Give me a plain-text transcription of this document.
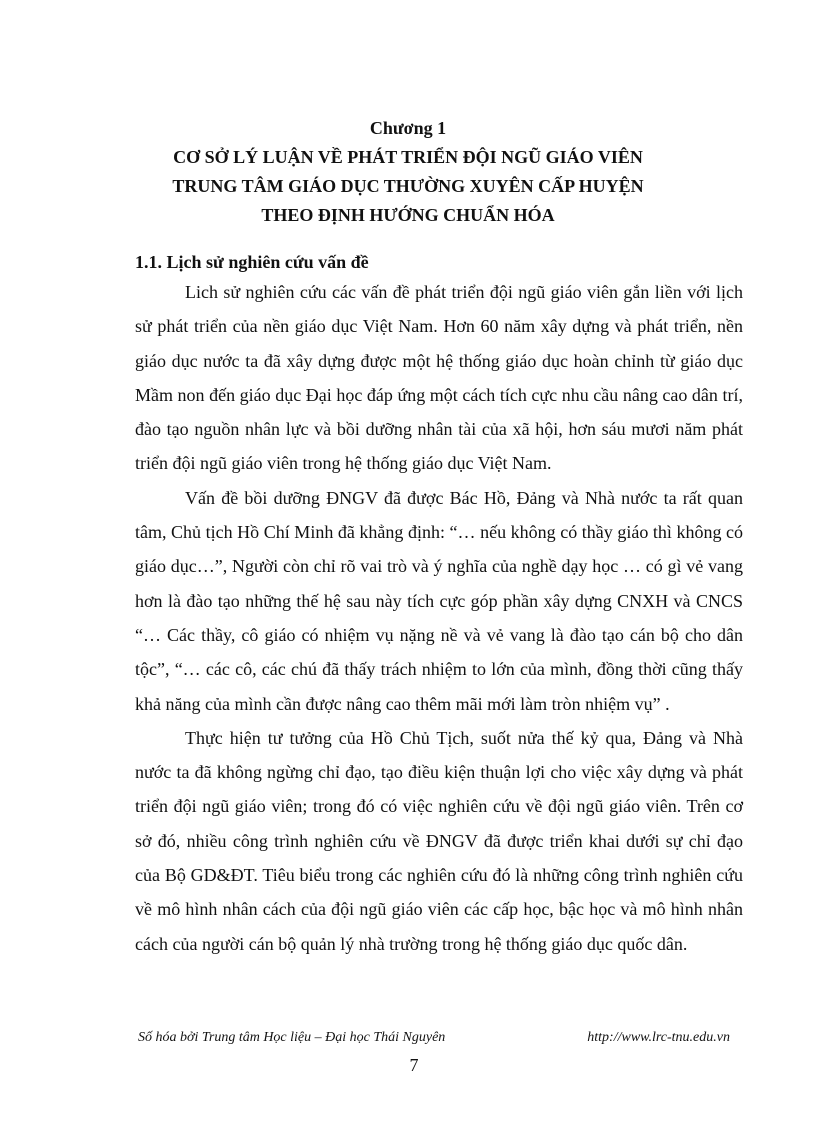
Chương 1
CƠ SỞ LÝ LUẬN VỀ PHÁT TRIỂN ĐỘI NGŨ GIÁO VIÊN
TRUNG TÂM GIÁO DỤC THƯỜNG XUYÊN CẤP HUYỆN
THEO ĐỊNH HƯỚNG CHUẨN HÓA
1.1. Lịch sử nghiên cứu vấn đề

Lich sử nghiên cứu các vấn đề phát triển đội ngũ giáo viên gắn liền với lịch sử phát triển của nền giáo dục Việt Nam. Hơn 60 năm xây dựng và phát triển, nền giáo dục nước ta đã xây dựng được một hệ thống giáo dục hoàn chỉnh từ giáo dục Mầm non đến giáo dục Đại học đáp ứng một cách tích cực nhu cầu nâng cao dân trí, đào tạo nguồn nhân lực và bồi dưỡng nhân tài của xã hội, hơn sáu mươi năm phát triển đội ngũ giáo viên trong hệ thống giáo dục Việt Nam.

Vấn đề bồi dưỡng ĐNGV đã được Bác Hồ, Đảng và Nhà nước ta rất quan tâm, Chủ tịch Hồ Chí Minh đã khẳng định: “… nếu không có thầy giáo thì không có giáo dục…”, Người còn chỉ rõ vai trò và ý nghĩa của nghề dạy học … có gì vẻ vang hơn là đào tạo những thế hệ sau này tích cực góp phần xây dựng CNXH và CNCS “… Các thầy, cô giáo có nhiệm vụ nặng nề và vẻ vang là đào tạo cán bộ cho dân tộc”, “… các cô, các chú đã thấy trách nhiệm to lớn của mình, đồng thời cũng thấy khả năng của mình cần được nâng cao thêm mãi mới làm tròn nhiệm vụ” .

Thực hiện tư tưởng của Hồ Chủ Tịch, suốt nửa thế kỷ qua, Đảng và Nhà nước ta đã không ngừng chỉ đạo, tạo điều kiện thuận lợi cho việc xây dựng và phát triển đội ngũ giáo viên; trong đó có việc nghiên cứu về đội ngũ giáo viên. Trên cơ sở đó, nhiều công trình nghiên cứu về ĐNGV đã được triển khai dưới sự chỉ đạo của Bộ GD&ĐT. Tiêu biểu trong các nghiên cứu đó là những công trình nghiên cứu về mô hình nhân cách của đội ngũ giáo viên các cấp học, bậc học và mô hình nhân cách của người cán bộ quản lý nhà trường trong hệ thống giáo dục quốc dân.

Số hóa bởi Trung tâm Học liệu – Đại học Thái Nguyên	http://www.lrc-tnu.edu.vn
7
